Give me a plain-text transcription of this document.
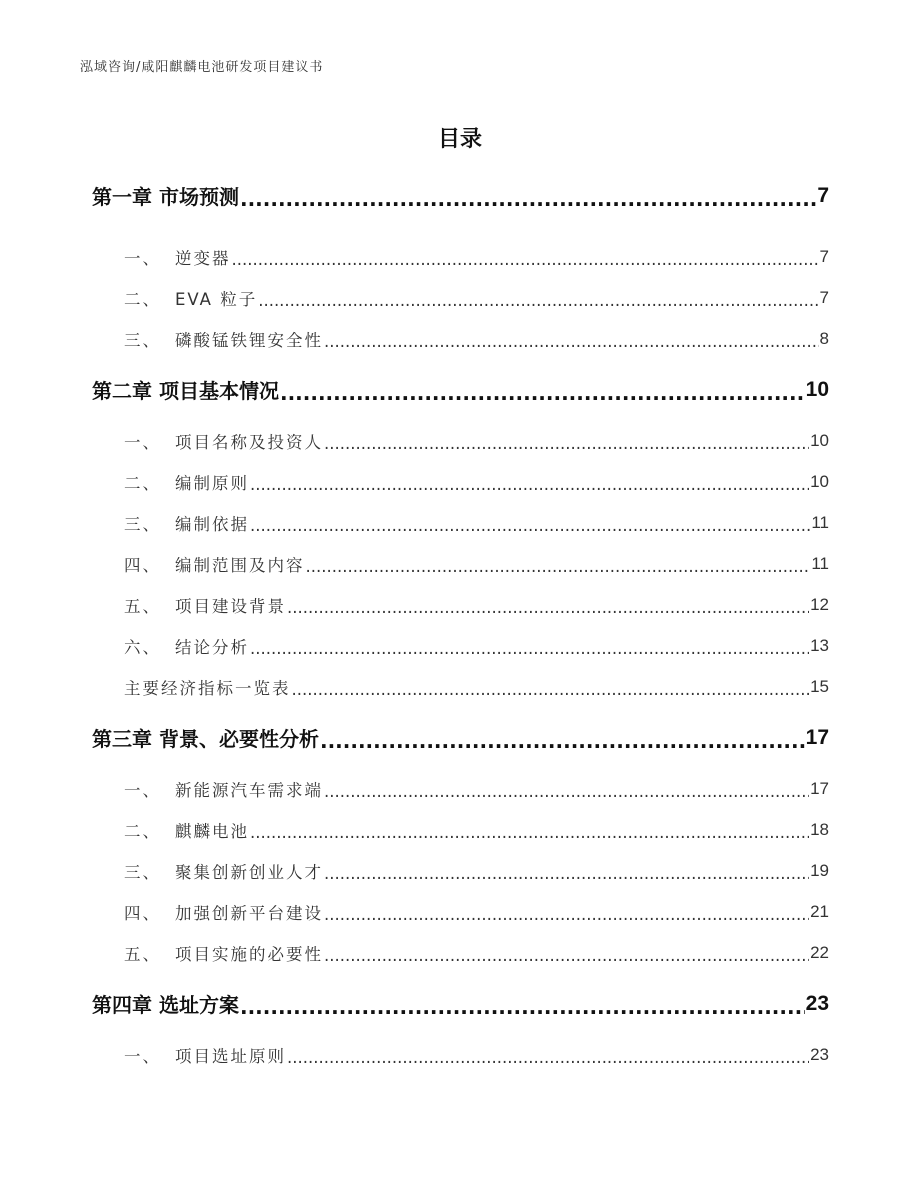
泓域咨询/咸阳麒麟电池研发项目建议书
目录
第一章 市场预测 .....	7
一、 逆变器 .....	7
二、 EVA 粒子 .....	7
三、 磷酸锰铁锂安全性 .....	8
第二章 项目基本情况 .....	10
一、 项目名称及投资人 .....	10
二、 编制原则 .....	10
三、 编制依据 .....	11
四、 编制范围及内容 .....	11
五、 项目建设背景 .....	12
六、 结论分析 .....	13
主要经济指标一览表 .....	15
第三章 背景、必要性分析 .....	17
一、 新能源汽车需求端 .....	17
二、 麒麟电池 .....	18
三、 聚集创新创业人才 .....	19
四、 加强创新平台建设 .....	21
五、 项目实施的必要性 .....	22
第四章 选址方案 .....	23
一、 项目选址原则 .....	23
